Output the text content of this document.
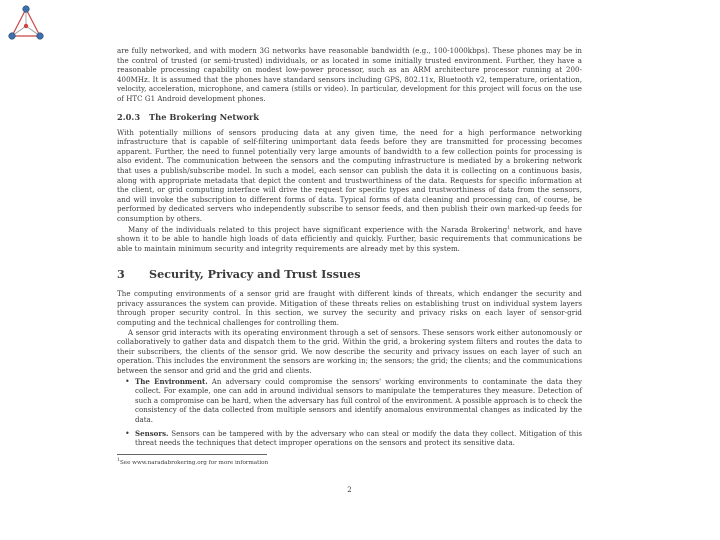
are fully networked, and with modern 3G networks have reasonable bandwidth (e.g., 100-1000kbps). These phones may be in the control of trusted (or semi-trusted) individuals, or as located in some initially trusted environment. Further, they have a reasonable processing capability on modest low-power processor, such as an ARM architecture processor running at 200-400MHz. It is assumed that the phones have standard sensors including GPS, 802.11x, Bluetooth v2, temperature, orientation, velocity, acceleration, microphone, and camera (stills or video). In particular, development for this project will focus on the use of HTC G1 Android development phones.

2.0.3 The Brokering Network

With potentially millions of sensors producing data at any given time, the need for a high performance networking infrastructure that is capable of self-filtering unimportant data feeds before they are transmitted for processing becomes apparent. Further, the need to funnel potentially very large amounts of bandwidth to a few collection points for processing is also evident. The communication between the sensors and the computing infrastructure is mediated by a brokering network that uses a publish/subscribe model. In such a model, each sensor can publish the data it is collecting on a continuous basis, along with appropriate metadata that depict the content and trustworthiness of the data. Requests for specific information at the client, or grid computing interface will drive the request for specific types and trustworthiness of data from the sensors, and will invoke the subscription to different forms of data. Typical forms of data cleaning and processing can, of course, be performed by dedicated servers who independently subscribe to sensor feeds, and then publish their own marked-up feeds for consumption by others.

Many of the individuals related to this project have significant experience with the Narada Brokering$^1$ network, and have shown it to be able to handle high loads of data efficiently and quickly. Further, basic requirements that communications be able to maintain minimum security and integrity requirements are already met by this system.

3 Security, Privacy and Trust Issues

The computing environments of a sensor grid are fraught with different kinds of threats, which endanger the security and privacy assurances the system can provide. Mitigation of these threats relies on establishing trust on individual system layers through proper security control. In this section, we survey the security and privacy risks on each layer of sensor-grid computing and the technical challenges for controlling them.

A sensor grid interacts with its operating environment through a set of sensors. These sensors work either autonomously or collaboratively to gather data and dispatch them to the grid. Within the grid, a brokering system filters and routes the data to their subscribers, the clients of the sensor grid. We now describe the security and privacy issues on each layer of such an operation. This includes the environment the sensors are working in; the sensors; the grid; the clients; and the communications between the sensor and grid and the grid and clients.

• The Environment. An adversary could compromise the sensors' working environments to contaminate the data they collect. For example, one can add in around individual sensors to manipulate the temperatures they measure. Detection of such a compromise can be hard, when the adversary has full control of the environment. A possible approach is to check the consistency of the data collected from multiple sensors and identify anomalous environmental changes as indicated by the data.
• Sensors. Sensors can be tampered with by the adversary who can steal or modify the data they collect. Mitigation of this threat needs the techniques that detect improper operations on the sensors and protect its sensitive data.
$^1$See www.naradabrokering.org for more information
2
